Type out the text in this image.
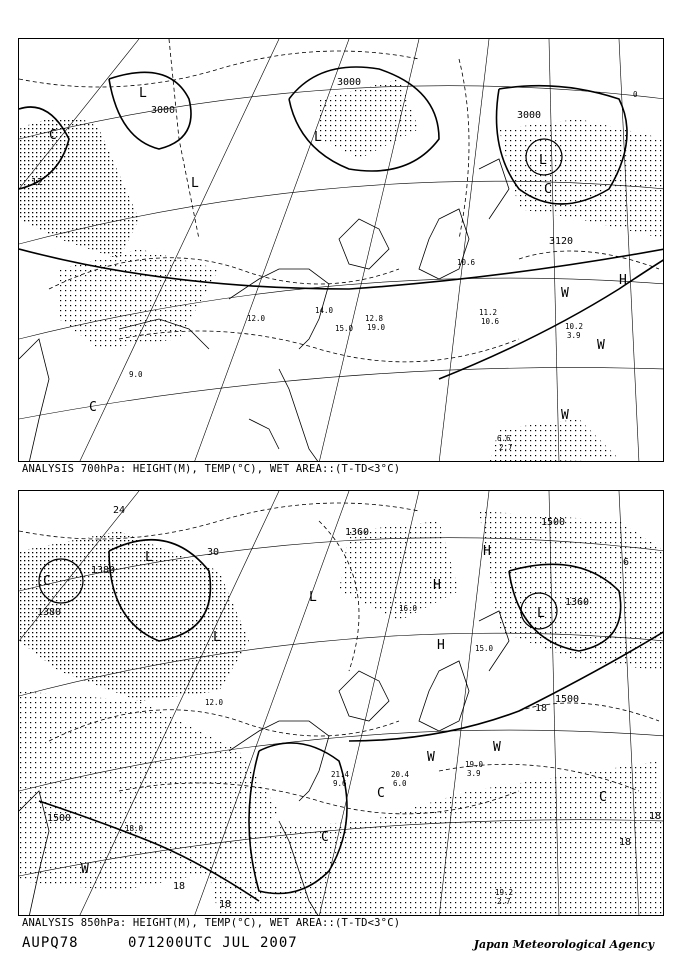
3000
3000
3000
3120
12
L
L
L
L
H
W
W
W
C
C
C
6.6
2.7
10.2
3.9
11.2
10.6
12.8
19.0
15.0
14.0
10.6
12.0
9.0
0
ANALYSIS 700hPa: HEIGHT(M), TEMP(°C), WET AREA::(T-TD<3°C)
1500
1500
1500
1380
1380
1360
1360
30
24
18
18
18
18
18
6
L
L
L
L
H
H
H
W
W
W
C
C
C	C
19.2
2.7
19.0
3.9
20.4
6.0
21.4
9.6
18.0
16.0
15.0
12.0
ANALYSIS 850hPa: HEIGHT(M), TEMP(°C), WET AREA::(T-TD<3°C)
AUPQ78	071200UTC JUL 2007	Japan Meteorological Agency
